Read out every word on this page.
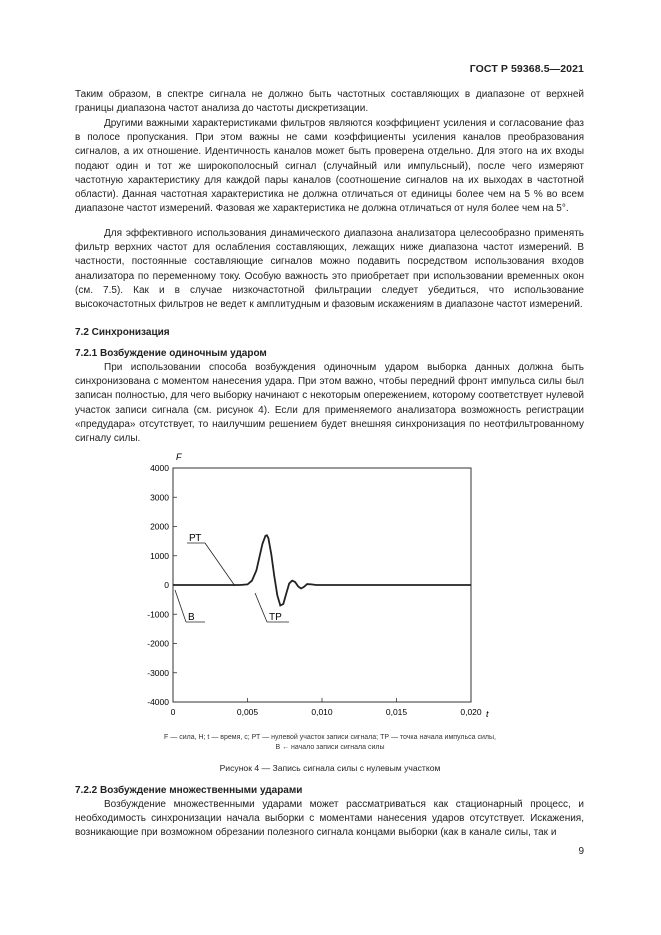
ГОСТ Р 59368.5—2021

Таким образом, в спектре сигнала не должно быть частотных составляющих в диапазоне от верхней границы диапазона частот анализа до частоты дискретизации.

Другими важными характеристиками фильтров являются коэффициент усиления и согласование фаз в полосе пропускания. При этом важны не сами коэффициенты усиления каналов преобразования сигналов, а их отношение. Идентичность каналов может быть проверена отдельно. Для этого на их входы подают один и тот же широкополосный сигнал (случайный или импульсный), после чего измеряют частотную характеристику для каждой пары каналов (соотношение сигналов на их выходах в частотной области). Данная частотная характеристика не должна отличаться от единицы более чем на 5 % во всем диапазоне частот измерений. Фазовая же характеристика не должна отличаться от нуля более чем на 5°.

Для эффективного использования динамического диапазона анализатора целесообразно применять фильтр верхних частот для ослабления составляющих, лежащих ниже диапазона частот измерений. В частности, постоянные составляющие сигналов можно подавить посредством использования входов анализатора по переменному току. Особую важность это приобретает при использовании временных окон (см. 7.5). Как и в случае низкочастотной фильтрации следует убедиться, что использование высокочастотных фильтров не ведет к амплитудным и фазовым искажениям в диапазоне частот измерений.

7.2 Синхронизация
7.2.1 Возбуждение одиночным ударом

При использовании способа возбуждения одиночным ударом выборка данных должна быть синхронизована с моментом нанесения удара. При этом важно, чтобы передний фронт импульса силы был записан полностью, для чего выборку начинают с некоторым опережением, которому соответствует нулевой участок записи сигнала (см. рисунок 4). Если для применяемого анализатора возможность регистрации «предудара» отсутствует, то наилучшим решением будет внешняя синхронизация по неотфильтрованному сигналу силы.

4000
3000
2000
1000
0
-1000
-2000
-3000
-4000
0	0,005	0,010	0,015	0,020
F
t
РТ
ТР
В
F — сила, Н; t — время, с; РТ — нулевой участок записи сигнала; ТР — точка начала импульса силы,
В ← начало записи сигнала силы
Рисунок 4 — Запись сигнала силы с нулевым участком
7.2.2 Возбуждение множественными ударами

Возбуждение множественными ударами может рассматриваться как стационарный процесс, и необходимость синхронизации начала выборки с моментами нанесения ударов отсутствует. Искажения, возникающие при возможном обрезании полезного сигнала концами выборки (как в канале силы, так и

9
